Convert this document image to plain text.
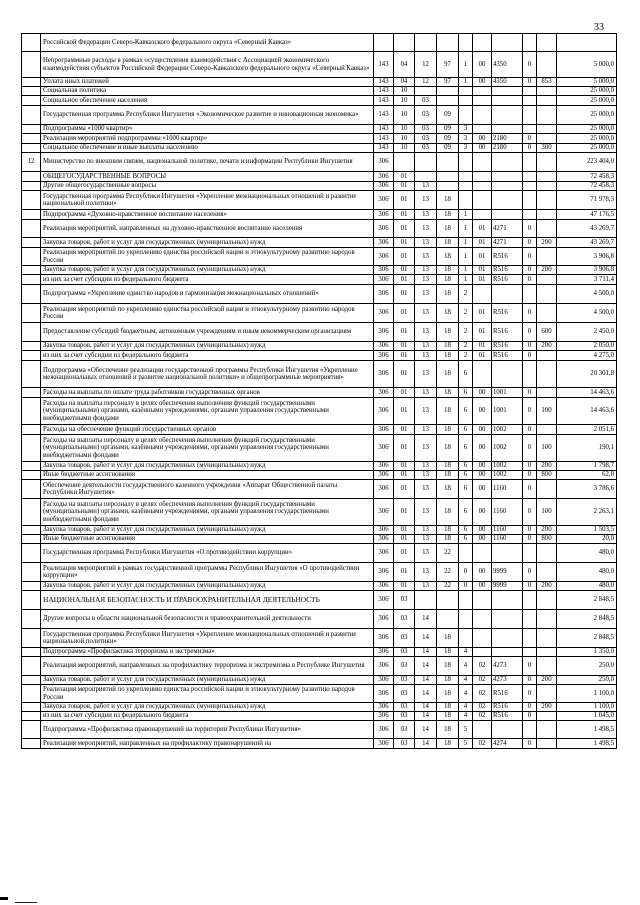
33
	Российской Федерации Северо-Кавказского федерального округа «Северный Кавказ»										
	Непрограммные расходы в рамках осуществления взаимодействия с Ассоциацией экономического взаимодействия субъектов Российской Федерации Северо-Кавказского федерального округа «Северный Кавказ»	143	04	12	97	1	00	4350	0		5 000,0
	Уплата иных платежей	143	04	12	97	1	00	4350	0	853	5 000,0
	Социальная политика	143	10								25 000,0
	Социальное обеспечение населения	143	10	03							25 000,0
	Государственная программа Республики Ингушетия «Экономическое развитие и инновационная экономика»	143	10	03	09						25 000,0
	Подпрограмма «1000 квартир»	143	10	03	09	3					25 000,0
	Реализация мероприятий подпрограммы «1000 квартир»	143	10	03	09	3	00	2180	0		25 000,0
	Социальное обеспечение и иные выплаты населению	143	10	03	09	3	00	2180	0	300	25 000,0
12	Министерство по внешним связям, национальной политике, печати и информации Республики Ингушетия	306									223 404,0
	ОБЩЕГОСУДАРСТВЕННЫЕ ВОПРОСЫ	306	01								72 458,3
	Другие общегосударственные вопросы	306	01	13							72 458,3
	Государственная программа Республики Ингушетия «Укрепление межнациональных отношений и развитие национальной политики»	306	01	13	18						71 978,3
	Подпрограмма «Духовно-нравственное воспитание населения»	306	01	13	18	1					47 176,5
	Реализация мероприятий, направленных на духовно-нравственное воспитание населения	306	01	13	18	1	01	4271	0		43 269,7
	Закупка товаров, работ и услуг для государственных (муниципальных) нужд	306	01	13	18	1	01	4271	0	200	43 269,7
	Реализация мероприятий по укреплению единства российской нации и этнокультурному развитию народов России	306	01	13	18	1	01	R516	0		3 906,8
	Закупка товаров, работ и услуг для государственных (муниципальных) нужд	306	01	13	18	1	01	R516	0	200	3 906,8
	из них за счет субсидии из федерального бюджета	306	01	13	18	1	01	R516	0		3 711,4
	Подпрограмма «Укрепление единство народов и гармонизация межнациональных отношений»	306	01	13	18	2					4 500,0
	Реализация мероприятий по укреплению единства российской нации и этнокультурному развитию народов России	306	01	13	18	2	01	R516	0		4 500,0
	Предоставление субсидий бюджетным, автономным учреждениям и иным некоммерческим организациям	306	01	13	18	2	01	R516	0	600	2 450,0
	Закупка товаров, работ и услуг для государственных (муниципальных) нужд	306	01	13	18	2	01	R516	0	200	2 050,0
	из них за счет субсидии из федерального бюджета	306	01	13	18	2	01	R516	0		4 275,0
	Подпрограмма «Обеспечение реализации государственной программы Республики Ингушетия «Укрепление межнациональных отношений и развитие национальной политики» и общепрограммные мероприятия»	306	01	13	18	6					20 301,8
	Расходы на выплаты по оплате труда работников государственных органов	306	01	13	18	6	00	1001	0		14 463,6
	Расходы на выплаты персоналу в целях обеспечения выполнения функций государственными (муниципальными) органами, казёнными учреждениями, органами управления государственными внебюджетными фондами	306	01	13	18	6	00	1001	0	100	14 463,6
	Расходы на обеспечение функций государственных органов	306	01	13	18	6	00	1002	0		2 051,6
	Расходы на выплаты персоналу в целях обеспечения выполнения функций государственными (муниципальными) органами, казёнными учреждениями, органами управления государственными внебюджетными фондами	306	01	13	18	6	00	1002	0	100	190,1
	Закупка товаров, работ и услуг для государственных (муниципальных) нужд	306	01	13	18	6	00	1002	0	200	1 798,7
	Иные бюджетные ассигнования	306	01	13	18	6	00	1002	0	800	62,8
	Обеспечение деятельности государственного казенного учреждения «Аппарат Общественной палаты Республики Ингушетия»	306	01	13	18	6	00	1160	0		3 786,6
	Расходы на выплаты персоналу в целях обеспечения выполнения функций государственными (муниципальными) органами, казёнными учреждениями, органами управления государственными внебюджетными фондами	306	01	13	18	6	00	1160	0	100	2 263,1
	Закупка товаров, работ и услуг для государственных (муниципальных) нужд	306	01	13	18	6	00	1160	0	200	1 503,5
	Иные бюджетные ассигнования	306	01	13	18	6	00	1160	0	800	20,0
	Государственная программа Республики Ингушетия «О противодействии коррупции»	306	01	13	22						480,0
	Реализация мероприятий в рамках государственной программы Республики Ингушетия «О противодействии коррупции»	306	01	13	22	0	00	9999	0		480,0
	Закупка товаров, работ и услуг для государственных (муниципальных) нужд	306	01	13	22	0	00	9999	0	200	480,0
	НАЦИОНАЛЬНАЯ БЕЗОПАСНОСТЬ И ПРАВООХРАНИТЕЛЬНАЯ ДЕЯТЕЛЬНОСТЬ	306	03								2 848,5
	Другие вопросы в области национальной безопасности и правоохранительной деятельности	306	03	14							2 848,5
	Государственная программа Республики Ингушетия «Укрепление межнациональных отношений и развитие национальной политики»	306	03	14	18						2 848,5
	Подпрограмма «Профилактика терроризма и экстремизма»	306	03	14	18	4					1 350,0
	Реализация мероприятий, направленных на профилактику терроризма и экстремизма в Республике Ингушетия	306	03	14	18	4	02	4273	0		250,0
	Закупка товаров, работ и услуг для государственных (муниципальных) нужд	306	03	14	18	4	02	4273	0	200	250,0
	Реализация мероприятий по укреплению единства российской нации и этнокультурному развитию народов России	306	03	14	18	4	02	R516	0		1 100,0
	Закупка товаров, работ и услуг для государственных (муниципальных) нужд	306	03	14	18	4	02	R516	0	200	1 100,0
	из них за счет субсидии из федерального бюджета	306	03	14	18	4	02	R516	0		1 045,0
	Подпрограмма «Профилактика правонарушений на территории Республики Ингушетия»	306	03	14	18	5					1 498,5
	Реализация мероприятий, направленных на профилактику правонарушений на	306	03	14	18	5	02	4274	0		1 498,5
